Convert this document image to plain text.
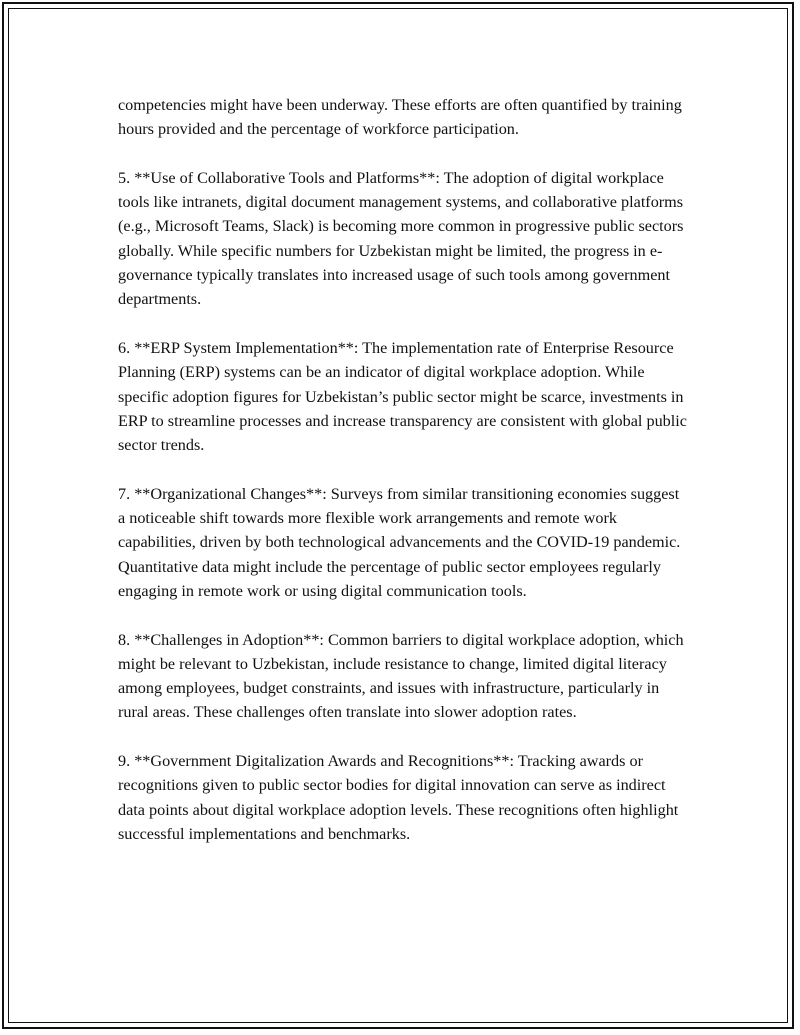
competencies might have been underway. These efforts are often quantified by training hours provided and the percentage of workforce participation.

5. **Use of Collaborative Tools and Platforms**: The adoption of digital workplace tools like intranets, digital document management systems, and collaborative platforms (e.g., Microsoft Teams, Slack) is becoming more common in progressive public sectors globally. While specific numbers for Uzbekistan might be limited, the progress in e-governance typically translates into increased usage of such tools among government departments.

6. **ERP System Implementation**: The implementation rate of Enterprise Resource Planning (ERP) systems can be an indicator of digital workplace adoption. While specific adoption figures for Uzbekistan’s public sector might be scarce, investments in ERP to streamline processes and increase transparency are consistent with global public sector trends.

7. **Organizational Changes**: Surveys from similar transitioning economies suggest a noticeable shift towards more flexible work arrangements and remote work capabilities, driven by both technological advancements and the COVID-19 pandemic. Quantitative data might include the percentage of public sector employees regularly engaging in remote work or using digital communication tools.

8. **Challenges in Adoption**: Common barriers to digital workplace adoption, which might be relevant to Uzbekistan, include resistance to change, limited digital literacy among employees, budget constraints, and issues with infrastructure, particularly in rural areas. These challenges often translate into slower adoption rates.

9. **Government Digitalization Awards and Recognitions**: Tracking awards or recognitions given to public sector bodies for digital innovation can serve as indirect data points about digital workplace adoption levels. These recognitions often highlight successful implementations and benchmarks.
